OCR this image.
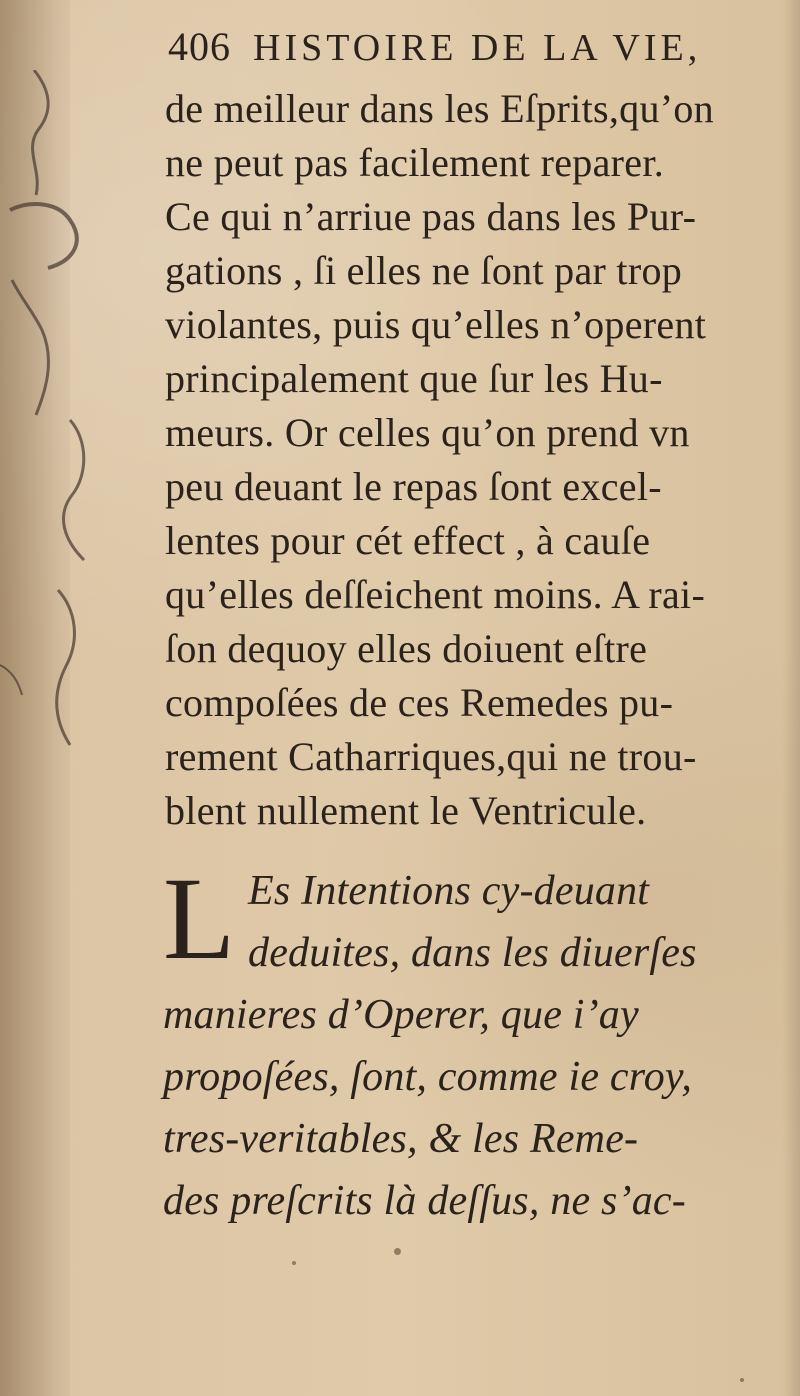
406 HISTOIRE DE LA VIE,
de meilleur dans les Eſprits,qu’on
ne peut pas facilement reparer.
Ce qui n’arriue pas dans les Pur-
gations , ſi elles ne ſont par trop
violantes, puis qu’elles n’operent
principalement que ſur les Hu-
meurs. Or celles qu’on prend vn
peu deuant le repas ſont excel-
lentes pour cét effect , à cauſe
qu’elles deſſeichent moins. A rai-
ſon dequoy elles doiuent eſtre
compoſées de ces Remedes pu-
rement Catharriques,qui ne trou-
blent nullement le Ventricule.
L Es Intentions cy-deuant
deduites, dans les diuerſes
manieres d’Operer, que i’ay
propoſées, ſont, comme ie croy,
tres-veritables, & les Reme-
des preſcrits là deſſus, ne s’ac-
